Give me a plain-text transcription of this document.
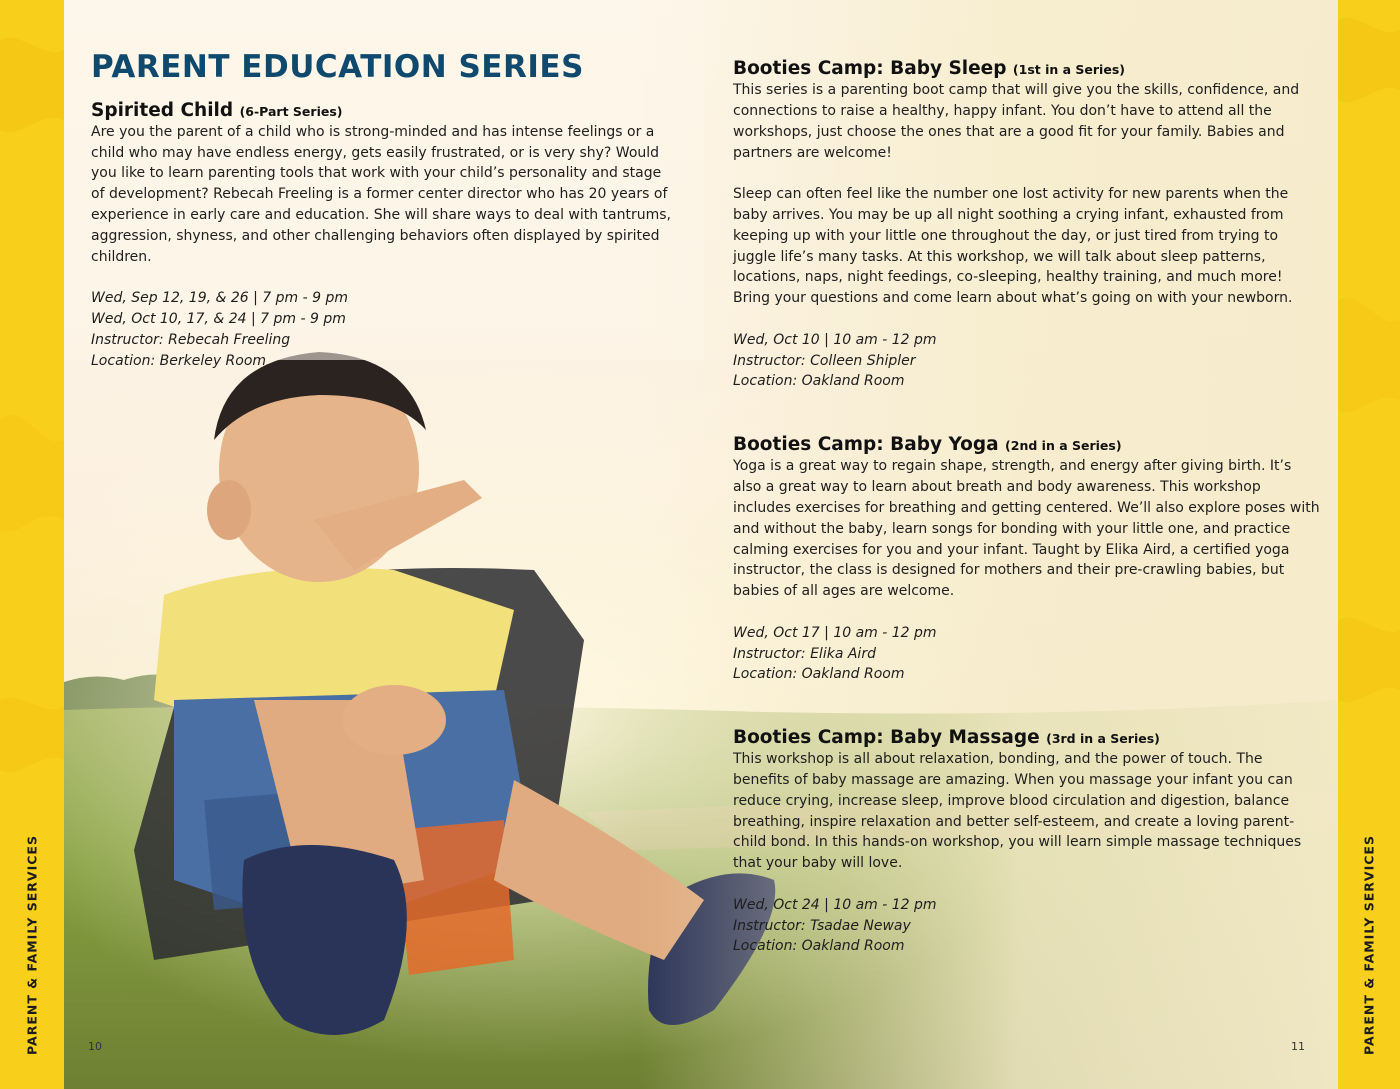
PARENT & FAMILY SERVICES
PARENT EDUCATION SERIES
Spirited Child (6-Part Series)

Are you the parent of a child who is strong-minded and has intense feelings or a child who may have endless energy, gets easily frustrated, or is very shy? Would you like to learn parenting tools that work with your child’s personality and stage of development? Rebecah Freeling is a former center director who has 20 years of experience in early care and education. She will share ways to deal with tantrums, aggression, shyness, and other challenging behaviors often displayed by spirited children.

Wed, Sep 12, 19, & 26 | 7 pm - 9 pm

Wed, Oct 10, 17, & 24 | 7 pm - 9 pm

Instructor: Rebecah Freeling

Location: Berkeley Room

Booties Camp: Baby Sleep (1st in a Series)

This series is a parenting boot camp that will give you the skills, confidence, and connections to raise a healthy, happy infant. You don’t have to attend all the workshops, just choose the ones that are a good fit for your family. Babies and partners are welcome!

Sleep can often feel like the number one lost activity for new parents when the baby arrives. You may be up all night soothing a crying infant, exhausted from keeping up with your little one throughout the day, or just tired from trying to juggle life’s many tasks. At this workshop, we will talk about sleep patterns, locations, naps, night feedings, co-sleeping, healthy training, and much more! Bring your questions and come learn about what’s going on with your newborn.

Wed, Oct 10 | 10 am - 12 pm

Instructor: Colleen Shipler

Location: Oakland Room

Booties Camp: Baby Yoga (2nd in a Series)

Yoga is a great way to regain shape, strength, and energy after giving birth. It’s also a great way to learn about breath and body awareness. This workshop includes exercises for breathing and getting centered. We’ll also explore poses with and without the baby, learn songs for bonding with your little one, and practice calming exercises for you and your infant. Taught by Elika Aird, a certified yoga instructor, the class is designed for mothers and their pre-crawling babies, but babies of all ages are welcome.

Wed, Oct 17 | 10 am - 12 pm

Instructor: Elika Aird

Location: Oakland Room

Booties Camp: Baby Massage (3rd in a Series)

This workshop is all about relaxation, bonding, and the power of touch. The benefits of baby massage are amazing. When you massage your infant you can reduce crying, increase sleep, improve blood circulation and digestion, balance breathing, inspire relaxation and better self-esteem, and create a loving parent-child bond. In this hands-on workshop, you will learn simple massage techniques that your baby will love.

Wed, Oct 24 | 10 am - 12 pm

Instructor: Tsadae Neway

Location: Oakland Room

10	11	PARENT & FAMILY SERVICES
